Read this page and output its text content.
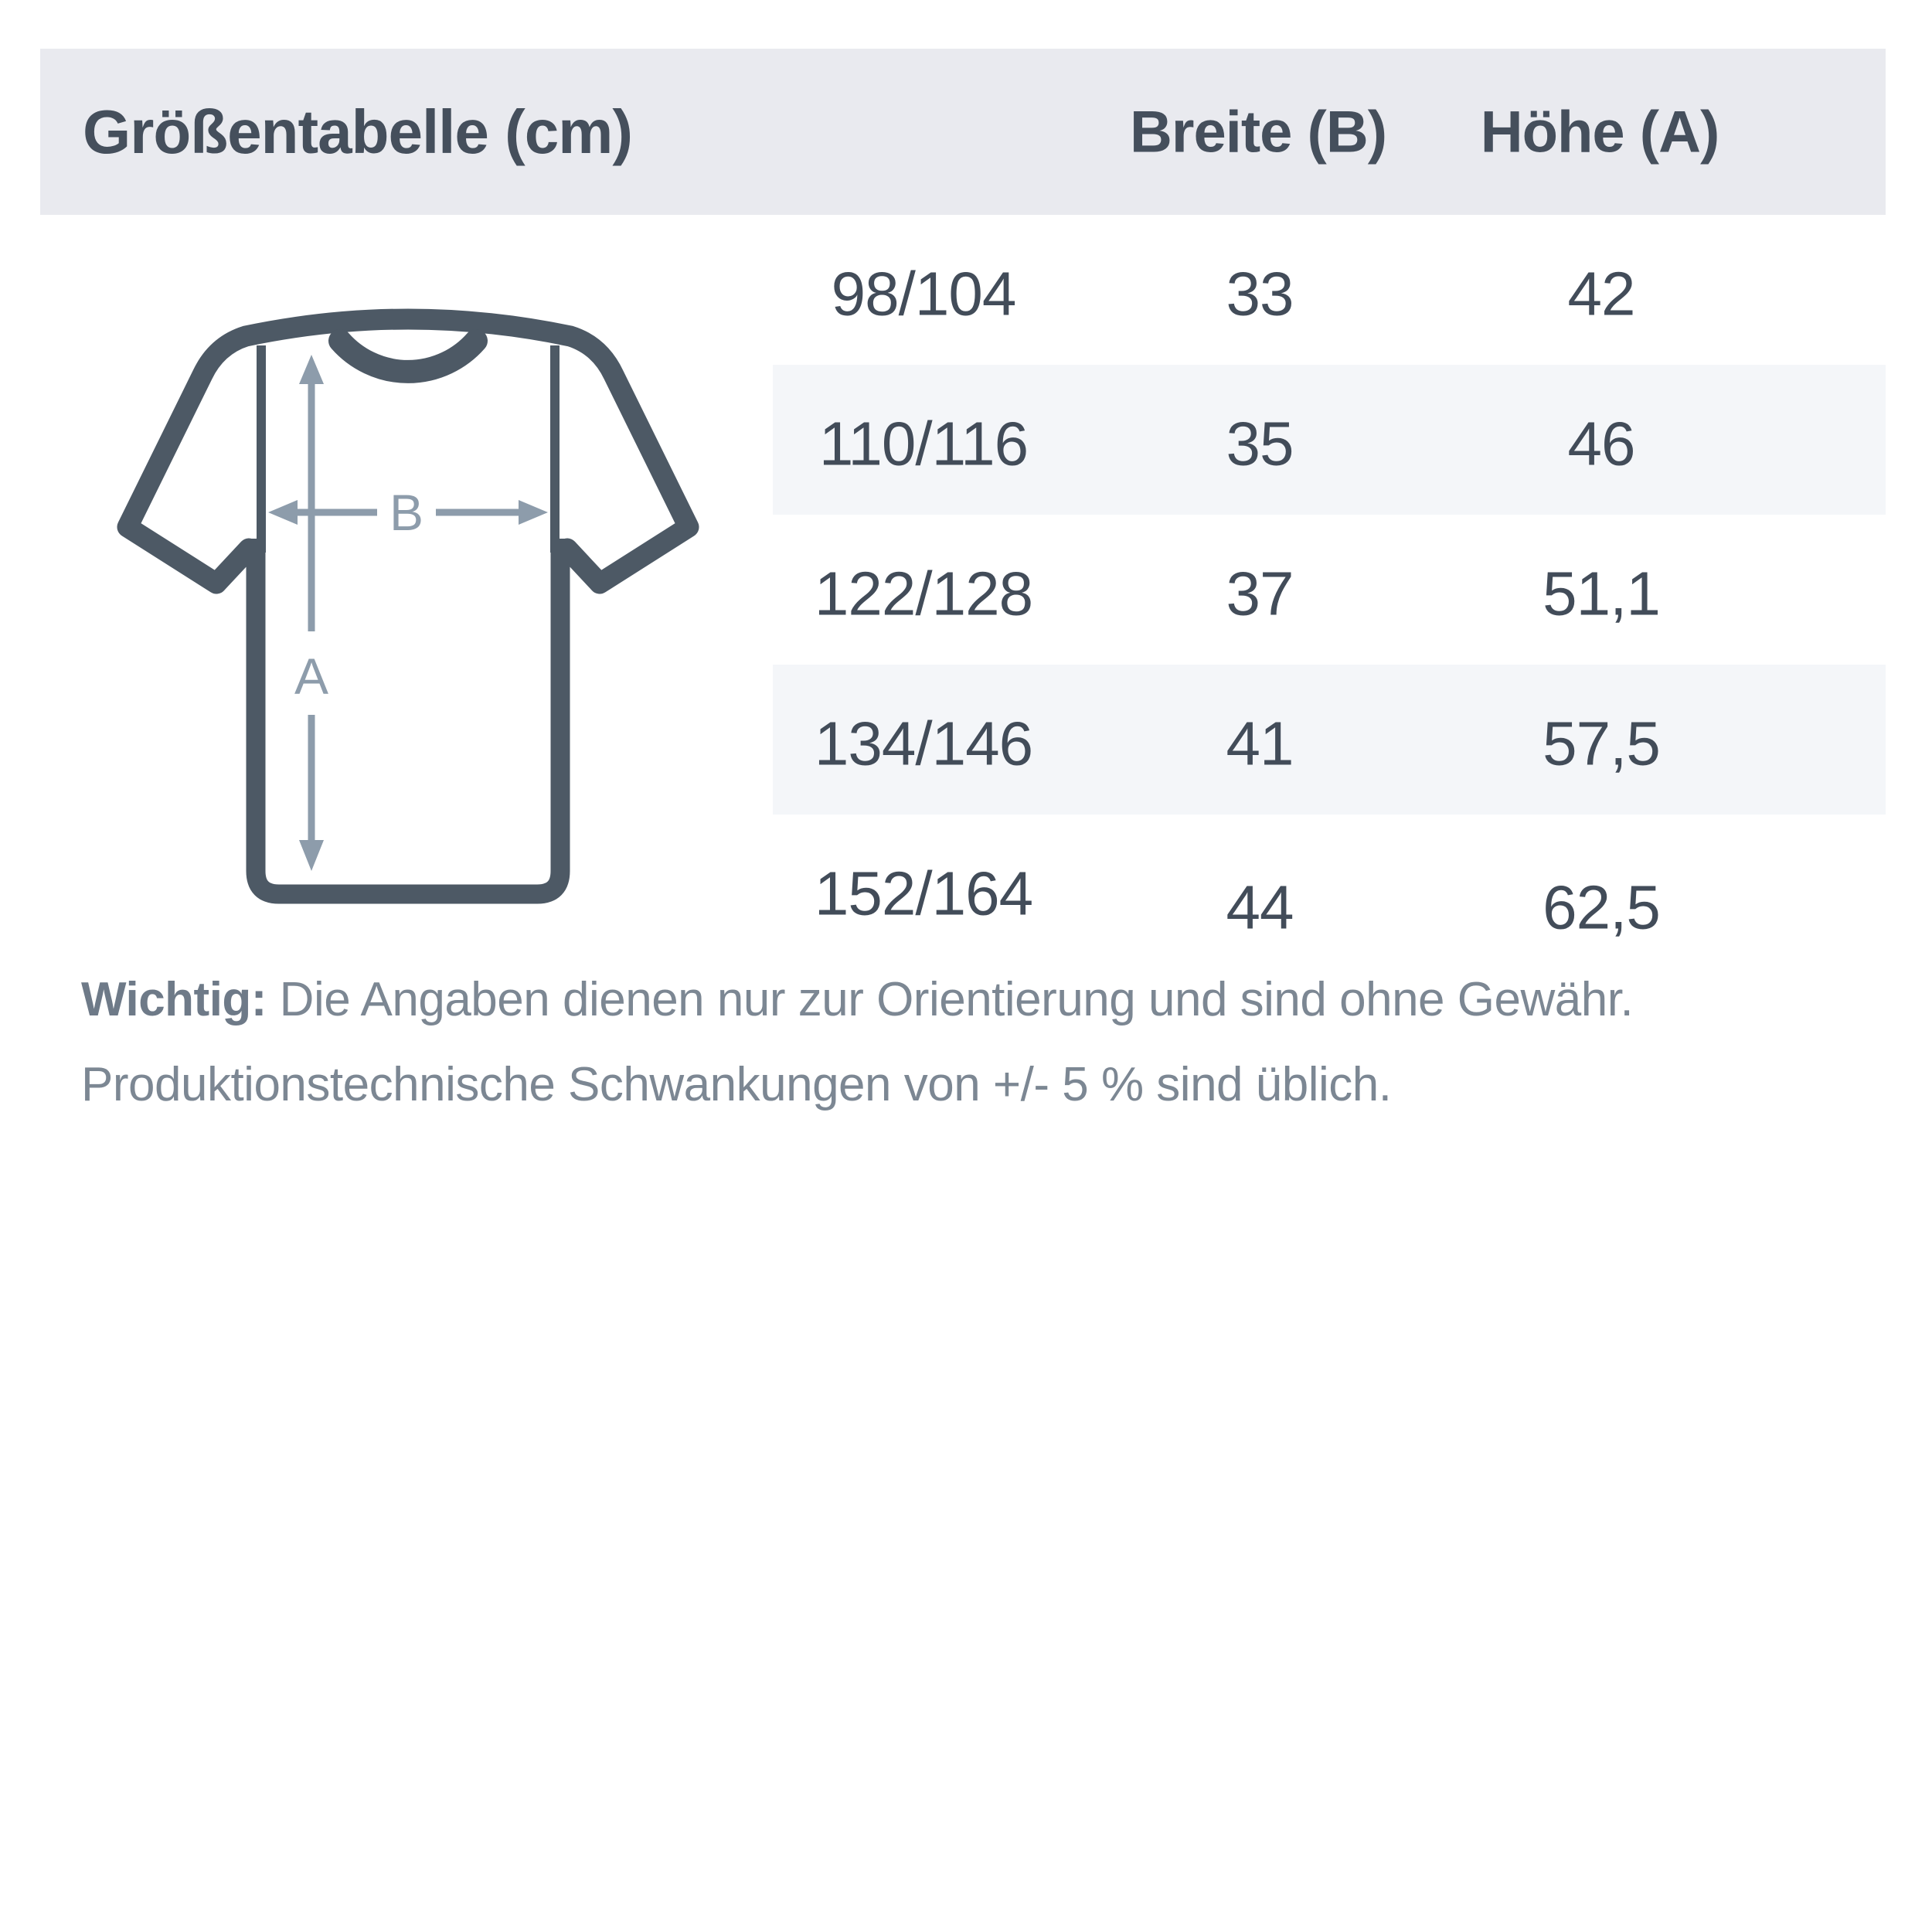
Größentabelle (cm)	Breite (B) Höhe (A)
98/104	33	42
110/116	35	46
122/128	37	51,1
134/146	41	57,5
152/164	44	62,5
B
A
Wichtig: Die Angaben dienen nur zur Orientierung und sind ohne Gewähr.
Produktionstechnische Schwankungen von +/- 5 % sind üblich.
